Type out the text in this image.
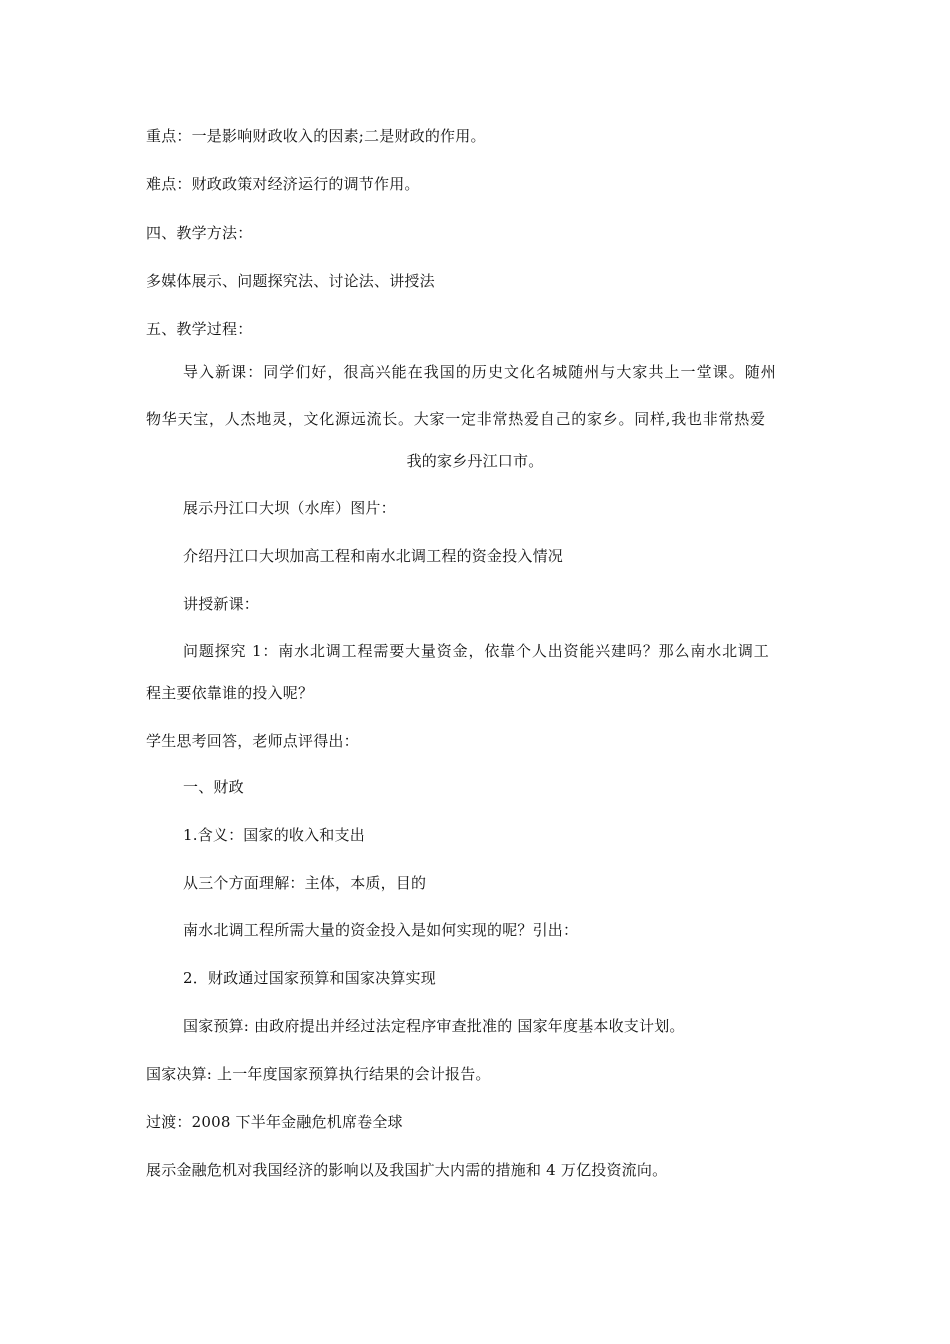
重点：一是影响财政收入的因素;二是财政的作用。
难点：财政政策对经济运行的调节作用。
四、教学方法：
多媒体展示、问题探究法、讨论法、讲授法
五、教学过程：
导入新课：同学们好，很高兴能在我国的历史文化名城随州与大家共上一堂课。随州
物华天宝，人杰地灵，文化源远流长。大家一定非常热爱自己的家乡。同样,我也非常热爱
我的家乡丹江口市。
展示丹江口大坝（水库）图片：
介绍丹江口大坝加高工程和南水北调工程的资金投入情况
讲授新课：
问题探究 1：南水北调工程需要大量资金，依靠个人出资能兴建吗？那么南水北调工
程主要依靠谁的投入呢？
学生思考回答，老师点评得出：
一、财政
1.含义：国家的收入和支出
从三个方面理解：主体，本质，目的
南水北调工程所需大量的资金投入是如何实现的呢？引出：
2．财政通过国家预算和国家决算实现
国家预算: 由政府提出并经过法定程序审查批准的 国家年度基本收支计划。
国家决算: 上一年度国家预算执行结果的会计报告。
过渡：2008 下半年金融危机席卷全球
展示金融危机对我国经济的影响以及我国扩大内需的措施和 4 万亿投资流向。
